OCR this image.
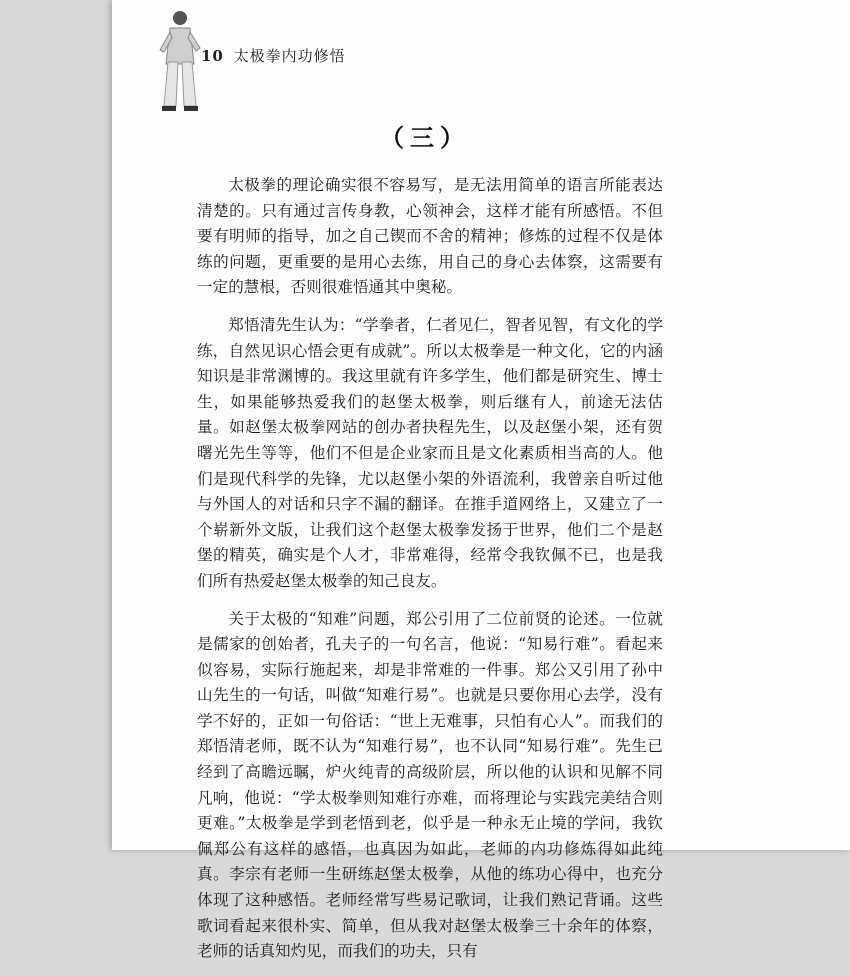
10 太极拳内功修悟
（三）

太极拳的理论确实很不容易写，是无法用简单的语言所能表达清楚的。只有通过言传身教，心领神会，这样才能有所感悟。不但要有明师的指导，加之自己锲而不舍的精神；修炼的过程不仅是体练的问题，更重要的是用心去练，用自己的身心去体察，这需要有一定的慧根，否则很难悟通其中奥秘。

郑悟清先生认为：“学拳者，仁者见仁，智者见智，有文化的学练，自然见识心悟会更有成就”。所以太极拳是一种文化，它的内涵知识是非常渊博的。我这里就有许多学生，他们都是研究生、博士生，如果能够热爱我们的赵堡太极拳，则后继有人，前途无法估量。如赵堡太极拳网站的创办者抉程先生，以及赵堡小架，还有贺曙光先生等等，他们不但是企业家而且是文化素质相当高的人。他们是现代科学的先锋，尤以赵堡小架的外语流利，我曾亲自听过他与外国人的对话和只字不漏的翻译。在推手道网络上，又建立了一个崭新外文版，让我们这个赵堡太极拳发扬于世界，他们二个是赵堡的精英，确实是个人才，非常难得，经常令我钦佩不已，也是我们所有热爱赵堡太极拳的知己良友。

关于太极的“知难”问题，郑公引用了二位前贤的论述。一位就是儒家的创始者，孔夫子的一句名言，他说：“知易行难”。看起来似容易，实际行施起来，却是非常难的一件事。郑公又引用了孙中山先生的一句话，叫做“知难行易”。也就是只要你用心去学，没有学不好的，正如一句俗话：“世上无难事，只怕有心人”。而我们的郑悟清老师，既不认为“知难行易”，也不认同“知易行难”。先生已经到了高瞻远瞩，炉火纯青的高级阶层，所以他的认识和见解不同凡响，他说：“学太极拳则知难行亦难，而将理论与实践完美结合则更难。”太极拳是学到老悟到老，似乎是一种永无止境的学问，我钦佩郑公有这样的感悟，也真因为如此，老师的内功修炼得如此纯真。李宗有老师一生研练赵堡太极拳，从他的练功心得中，也充分体现了这种感悟。老师经常写些易记歌词，让我们熟记背诵。这些歌词看起来很朴实、简单，但从我对赵堡太极拳三十余年的体察，老师的话真知灼见，而我们的功夫，只有
